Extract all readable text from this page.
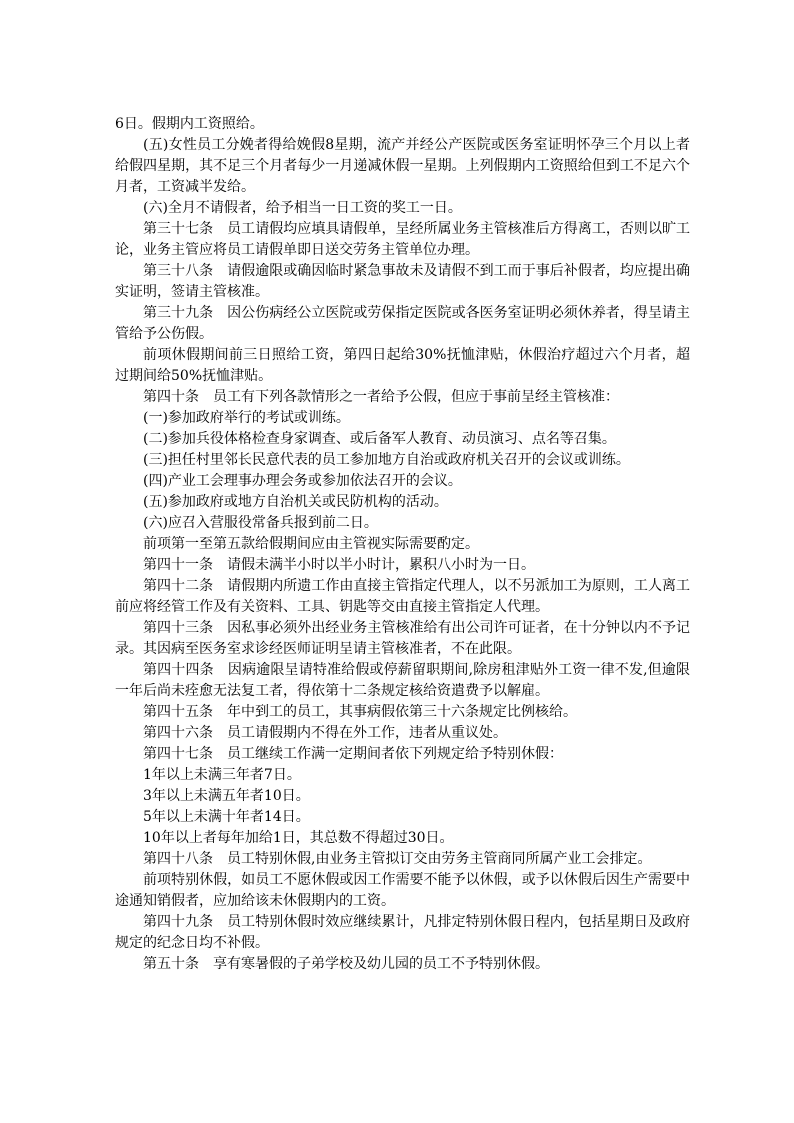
6日。假期内工资照给。

(五)女性员工分娩者得给娩假8星期，流产并经公产医院或医务室证明怀孕三个月以上者给假四星期，其不足三个月者每少一月递减休假一星期。上列假期内工资照给但到工不足六个月者，工资减半发给。

(六)全月不请假者，给予相当一日工资的奖工一日。

第三十七条　员工请假均应填具请假单，呈经所属业务主管核准后方得离工，否则以旷工论，业务主管应将员工请假单即日送交劳务主管单位办理。

第三十八条　请假逾限或确因临时紧急事故未及请假不到工而于事后补假者，均应提出确实证明，签请主管核准。

第三十九条　因公伤病经公立医院或劳保指定医院或各医务室证明必须休养者，得呈请主管给予公伤假。

前项休假期间前三日照给工资，第四日起给30%抚恤津贴，休假治疗超过六个月者，超过期间给50%抚恤津贴。

第四十条　员工有下列各款情形之一者给予公假，但应于事前呈经主管核准：

(一)参加政府举行的考试或训练。

(二)参加兵役体格检查身家调查、或后备军人教育、动员演习、点名等召集。

(三)担任村里邻长民意代表的员工参加地方自治或政府机关召开的会议或训练。

(四)产业工会理事办理会务或参加依法召开的会议。

(五)参加政府或地方自治机关或民防机构的活动。

(六)应召入营服役常备兵报到前二日。

前项第一至第五款给假期间应由主管视实际需要酌定。

第四十一条　请假未满半小时以半小时计，累积八小时为一日。

第四十二条　请假期内所遗工作由直接主管指定代理人，以不另派加工为原则，工人离工前应将经管工作及有关资料、工具、钥匙等交由直接主管指定人代理。

第四十三条　因私事必须外出经业务主管核准给有出公司许可证者，在十分钟以内不予记录。其因病至医务室求诊经医师证明呈请主管核准者，不在此限。

第四十四条　因病逾限呈请特准给假或停薪留职期间,除房租津贴外工资一律不发,但逾限一年后尚未痊愈无法复工者，得依第十二条规定核给资遣费予以解雇。

第四十五条　年中到工的员工，其事病假依第三十六条规定比例核给。

第四十六条　员工请假期内不得在外工作，违者从重议处。

第四十七条　员工继续工作满一定期间者依下列规定给予特别休假：

1年以上未满三年者7日。

3年以上未满五年者10日。

5年以上未满十年者14日。

10年以上者每年加给1日，其总数不得超过30日。

第四十八条　员工特别休假,由业务主管拟订交由劳务主管商同所属产业工会排定。

前项特别休假，如员工不愿休假或因工作需要不能予以休假，或予以休假后因生产需要中途通知销假者，应加给该未休假期内的工资。

第四十九条　员工特别休假时效应继续累计，凡排定特别休假日程内，包括星期日及政府规定的纪念日均不补假。

第五十条　享有寒暑假的子弟学校及幼儿园的员工不予特别休假。
